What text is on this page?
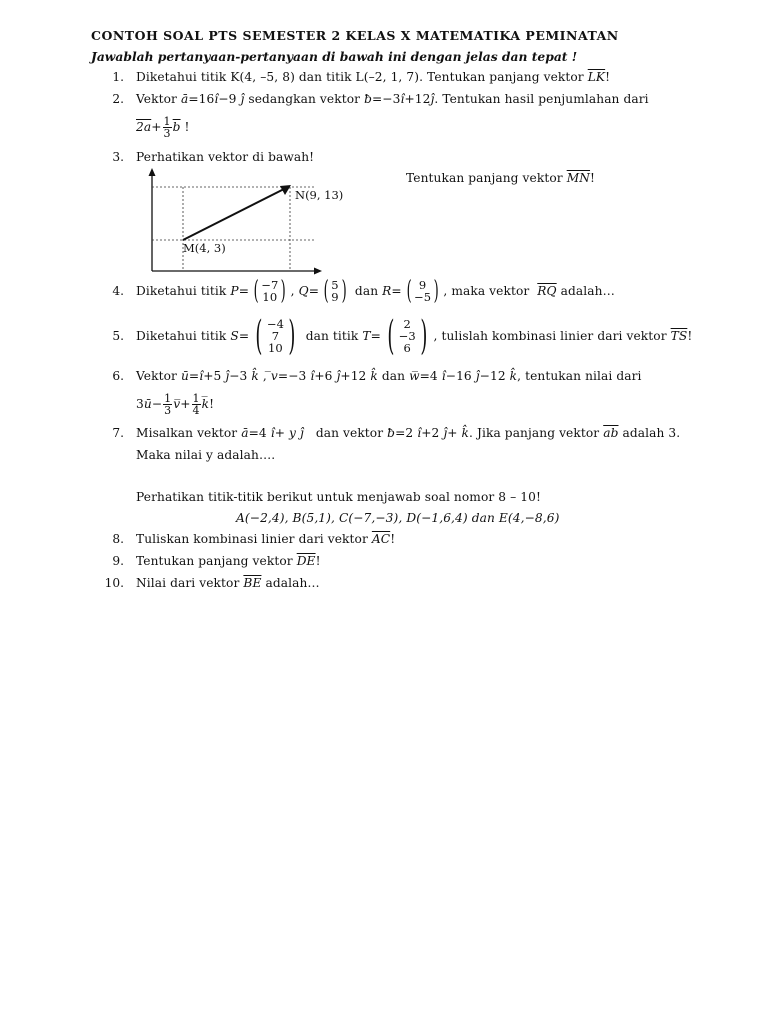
CONTOH SOAL PTS SEMESTER 2 KELAS X MATEMATIKA PEMINATAN
Jawablah pertanyaan-pertanyaan di bawah ini dengan jelas dan tepat !
1. Diketahui titik K(4, –5, 8) dan titik L(–2, 1, 7). Tentukan panjang vektor $\overline{LK}$!
2. Vektor ā=16î−9 ĵ sedangkan vektor ƀ=−3î+12ĵ. Tentukan hasil penjumlahan dari
$2a+ \frac{1}{3} \overline{b}$ !
3. Perhatikan vektor di bawah!
Tentukan panjang vektor $\overline{MN}$!
N(9, 13)
M(4, 3)
4. Diketahui titik
P = ( −7
10 ) , Q = ( 5
9 )
dan
R = ( 9
−5 ) , maka vektor
$\overline{RQ}$
adalah…
5. Diketahui titik
S = ( −4
7
10 )
dan titik
T = ( 2
−3
6 ) , tulislah kombinasi linier dari vektor
$\overline{TS}$ !
6. Vektor ū=î+5 ĵ−3 k̂ , ̅v=−3 î+6 ĵ+12 k̂ dan w̅=4 î−16 ĵ−12 k̂, tentukan nilai dari
3ū− $\frac{1}{3}$ v̅+ $\frac{1}{4}$ k̅!
7. Misalkan vektor ā=4 î+ y ĵ dan vektor ƀ=2 î+2 ĵ+ k̂. Jika panjang vektor $\overline{ab}$ adalah 3.
Maka nilai y adalah….
Perhatikan titik-titik berikut untuk menjawab soal nomor 8 – 10!
A(−2,4), B(5,1), C(−7,−3), D(−1,6,4) dan E(4,−8,6)
8. Tuliskan kombinasi linier dari vektor $\overline{AC}$!
9. Tentukan panjang vektor $\overline{DE}$!
10. Nilai dari vektor $\overline{BE}$ adalah…
